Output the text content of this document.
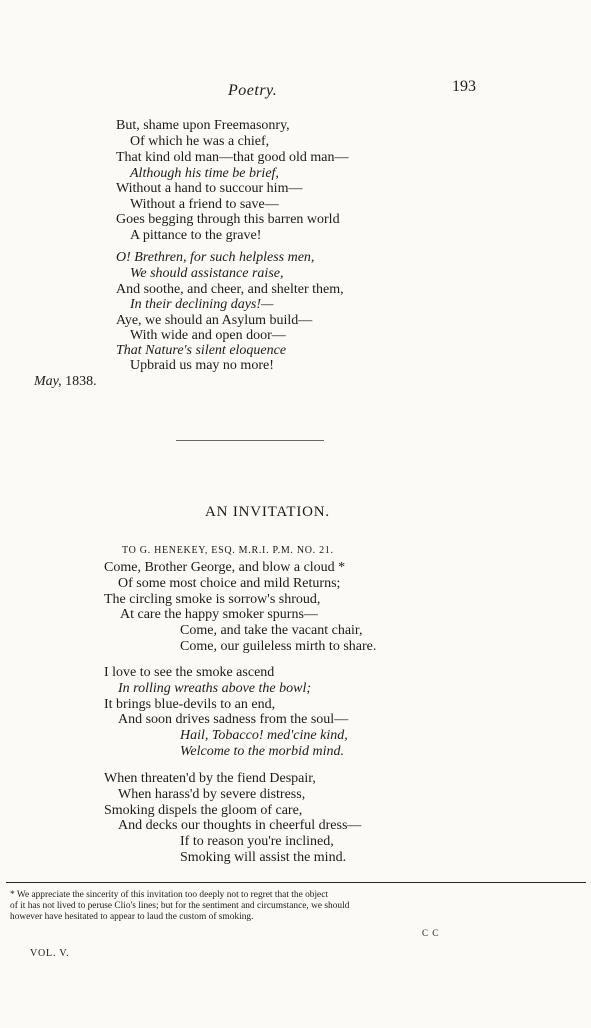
Poetry.	193
But, shame upon Freemasonry,
Of which he was a chief,
That kind old man—that good old man—
Although his time be brief,
Without a hand to succour him—
Without a friend to save—
Goes begging through this barren world
A pittance to the grave!
O! Brethren, for such helpless men,
We should assistance raise,
And soothe, and cheer, and shelter them,
In their declining days!—
Aye, we should an Asylum build—
With wide and open door—
That Nature's silent eloquence
Upbraid us may no more!
May, 1838.
AN INVITATION.
TO G. HENEKEY, ESQ. M.R.I. P.M. NO. 21.
Come, Brother George, and blow a cloud *
Of some most choice and mild Returns;
The circling smoke is sorrow's shroud,
At care the happy smoker spurns—
Come, and take the vacant chair,
Come, our guileless mirth to share.
I love to see the smoke ascend
In rolling wreaths above the bowl;
It brings blue-devils to an end,
And soon drives sadness from the soul—
Hail, Tobacco! med'cine kind,
Welcome to the morbid mind.
When threaten'd by the fiend Despair,
When harass'd by severe distress,
Smoking dispels the gloom of care,
And decks our thoughts in cheerful dress—
If to reason you're inclined,
Smoking will assist the mind.
* We appreciate the sincerity of this invitation too deeply not to regret that the object
of it has not lived to peruse Clio's lines; but for the sentiment and circumstance, we should
however have hesitated to appear to laud the custom of smoking.
C C
VOL. V.
